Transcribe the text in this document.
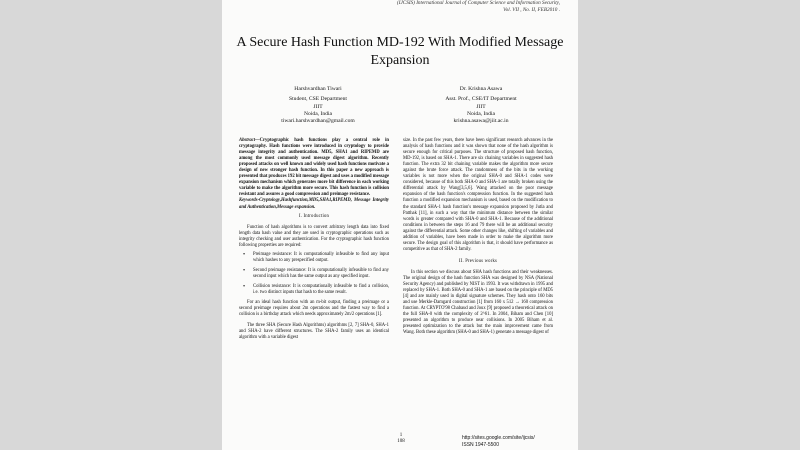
(IJCSIS) International Journal of Computer Science and Information Security,
Vol. VII , No. II, FEB2010 .
A Secure Hash Function MD-192 With Modified Message Expansion
Harshvardhan Tiwari
Student, CSE Department
JIIT
Noida, India
tiwari.harshvardhan@gmail.com
Dr. Krishna Asawa
Asst. Prof., CSE/IT Department
JIIT
Noida, India
krishna.asawa@jiit.ac.in

Abstract—Cryptographic hash functions play a central role in cryptography. Hash functions were introduced in cryptology to provide message integrity and authentication. MD5, SHA1 and RIPEMD are among the most commonly used message digest algorithm. Recently proposed attacks on well known and widely used hash functions motivate a design of new stronger hash function. In this paper a new approach is presented that produces 192 bit message digest and uses a modified message expansion mechanism which generates more bit difference in each working variable to make the algorithm more secure. This hash function is collision resistant and assures a good compression and preimage resistance.

Keywords-Cryptology,Hashfunction,MD5,SHA1,RIPEMD, Message Integrity and Authentication,Message expansion.

I. Introduction

Function of hash algorithms is to convert arbitrary length data into fixed length data hash value and they are used in cryptographic operations such as integrity checking and user authentication. For the cryptographic hash function following properties are required:

• Preimage resistance: It is computationally infeasible to find any input which hashes to any prespecified output.
• Second preimage resistance: It is computationally infeasible to find any second input which has the same output as any specified input.
• Collision resistance: It is computationally infeasible to find a collision, i.e. two distinct inputs that hash to the same result.

For an ideal hash function with an m-bit output, finding a preimage or a second preimage requires about 2m operations and the fastest way to find a collision is a birthday attack which needs approximately 2m/2 operations [1].

The three SHA (Secure Hash Algorithms) algorithms [2, 7] SHA-0, SHA-1 and SHA-2 have different structures. The SHA-2 family uses an identical algorithm with a variable digest

size. In the past few years, there have been significant research advances in the analysis of hash functions and it was shown that none of the hash algorithm is secure enough for critical purposes. The structure of proposed hash function, MD-192, is based on SHA-1. There are six chaining variables in suggested hash function. The extra 32 bit chaining variable makes the algorithm more secure against the brute force attack. The randomness of the bits in the working variables is not more when the original SHA-0 and SHA-1 codes were considered, because of this both SHA-0 and SHA-1 are totally broken using the differential attack by Wang[3,5,6]. Wang attacked on the poor message expansion of the hash function's compression function. In the suggested hash function a modified expansion mechanism is used, based on the modification to the standard SHA-1 hash function's message expansion proposed by Jutla and Patthak [11], in such a way that the minimum distance between the similar words is greater compared with SHA-0 and SHA-1. Because of the additional conditions in between the steps 16 and 79 there will be an additional security against the differential attack. Some other changes like, shifting of variables and addition of variables, have been made in order to make the algorithm more secure. The design goal of this algorithm is that, it should have performance as competitive as that of SHA-2 family.

II. Previous works

In this section we discuss about SHA hash functions and their weaknesses. The original design of the hash function SHA was designed by NSA (National Security Agency) and published by NIST in 1993. It was withdrawn in 1995 and replaced by SHA-1. Both SHA-0 and SHA-1 are based on the principle of MD5 [4] and are mainly used in digital signature schemes. They hash onto 160 bits and use Merkle-Damgard construction [1] from 160 x 512 → 160 compression function. At CRYPTO'98 Chabaud and Joux [9] proposed a theoretical attack on the full SHA-0 with the complexity of 2^61. In 2004, Biham and Chen [10] presented an algorithm to produce near collisions. In 2005 Biham et al. presented optimization to the attack but the main improvement came from Wang. Both these algorithm (SHA-0 and SHA-1) generate a message digest of

1
108
http://sites.google.com/site/ijcsis/
ISSN 1947-5500
